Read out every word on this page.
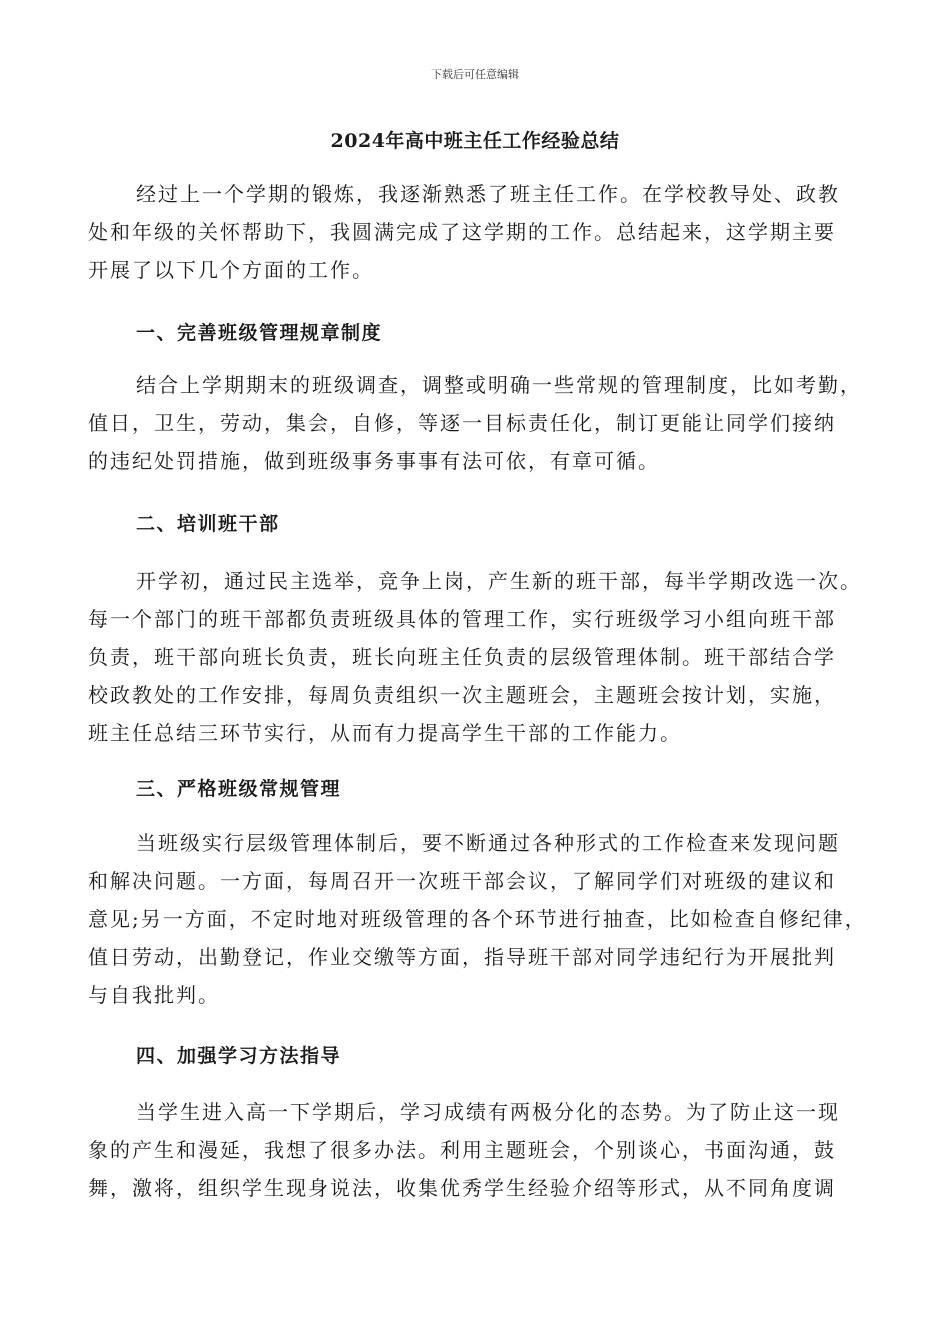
下载后可任意编辑
2024年高中班主任工作经验总结

经过上一个学期的锻炼，我逐渐熟悉了班主任工作。在学校教导处、政教
处和年级的关怀帮助下，我圆满完成了这学期的工作。总结起来，这学期主要
开展了以下几个方面的工作。

一、完善班级管理规章制度

结合上学期期末的班级调查，调整或明确一些常规的管理制度，比如考勤，
值日，卫生，劳动，集会，自修，等逐一目标责任化，制订更能让同学们接纳
的违纪处罚措施，做到班级事务事事有法可依，有章可循。

二、培训班干部

开学初，通过民主选举，竞争上岗，产生新的班干部，每半学期改选一次。
每一个部门的班干部都负责班级具体的管理工作，实行班级学习小组向班干部
负责，班干部向班长负责，班长向班主任负责的层级管理体制。班干部结合学
校政教处的工作安排，每周负责组织一次主题班会，主题班会按计划，实施，
班主任总结三环节实行，从而有力提高学生干部的工作能力。

三、严格班级常规管理

当班级实行层级管理体制后，要不断通过各种形式的工作检查来发现问题
和解决问题。一方面，每周召开一次班干部会议，了解同学们对班级的建议和
意见;另一方面，不定时地对班级管理的各个环节进行抽查，比如检查自修纪律，
值日劳动，出勤登记，作业交缴等方面，指导班干部对同学违纪行为开展批判
与自我批判。

四、加强学习方法指导

当学生进入高一下学期后，学习成绩有两极分化的态势。为了防止这一现
象的产生和漫延，我想了很多办法。利用主题班会，个别谈心，书面沟通，鼓
舞，激将，组织学生现身说法，收集优秀学生经验介绍等形式，从不同角度调
